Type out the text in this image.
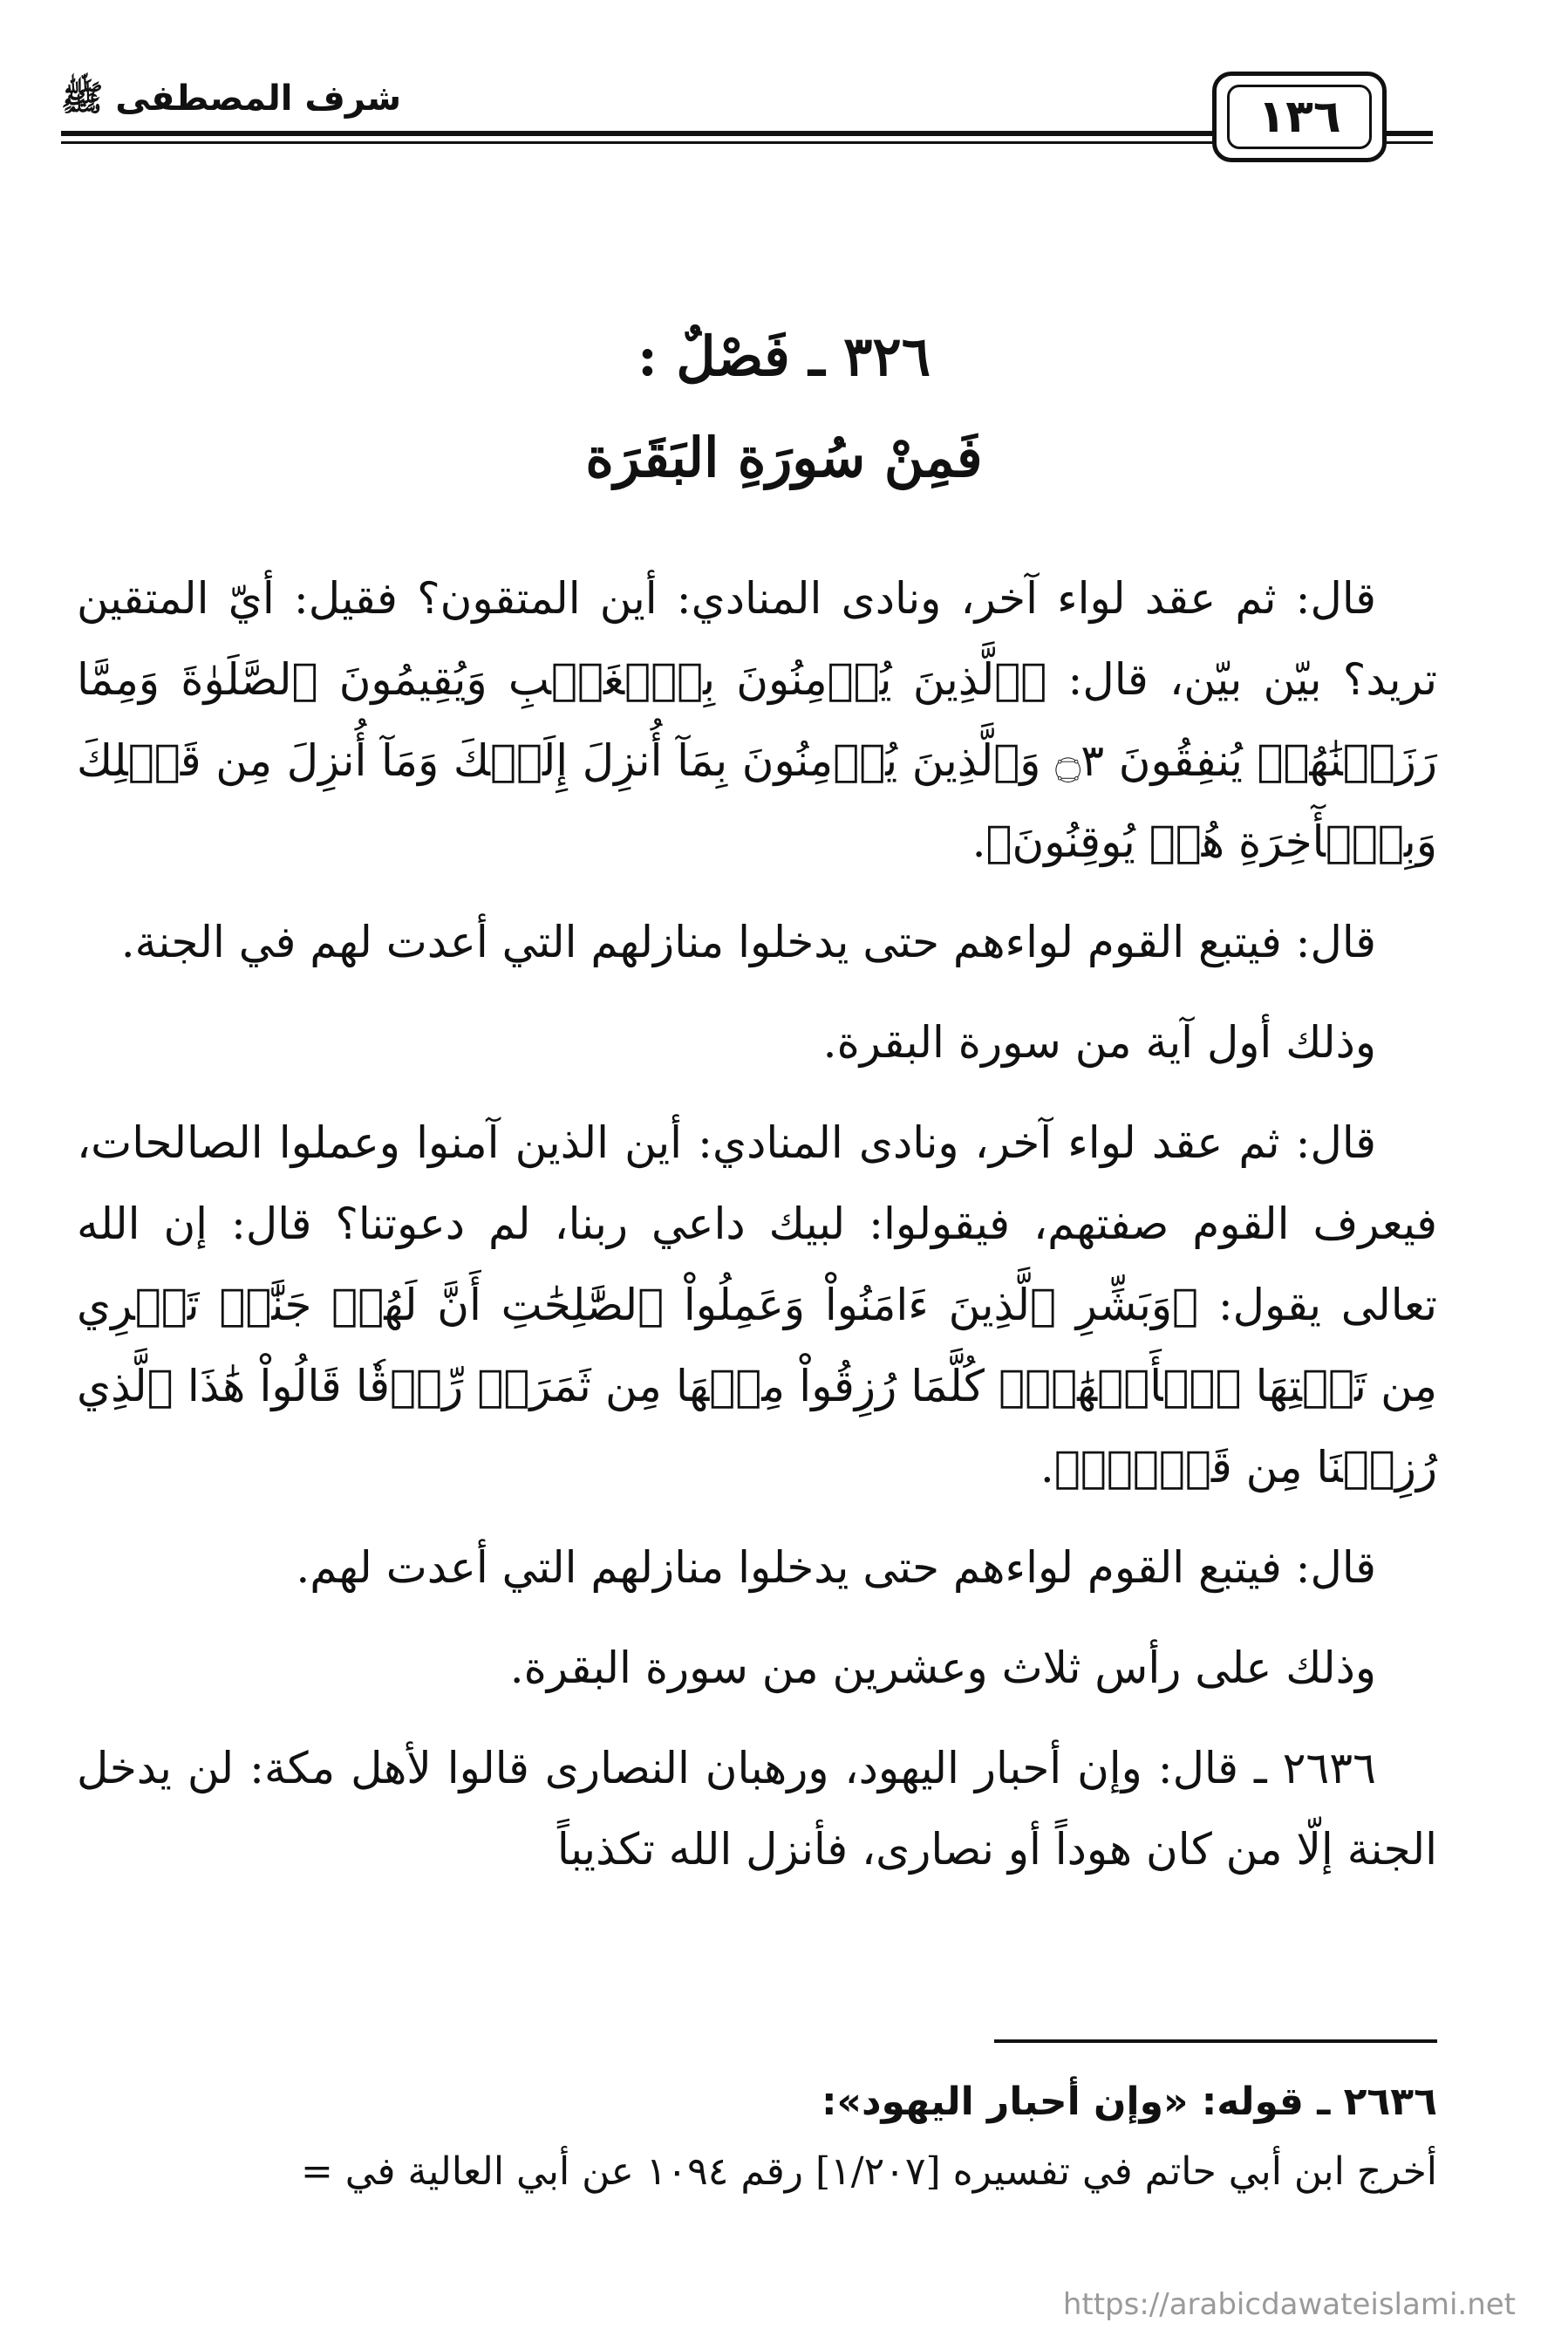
شرف المصطفى ﷺ	١٣٦
٣٢٦ ـ فَصْلٌ :
فَمِنْ سُورَةِ البَقَرَة

قال: ثم عقد لواء آخر، ونادى المنادي: أين المتقون؟ فقيل: أيّ المتقين تريد؟ بيّن بيّن، قال: ﴿ٱلَّذِينَ يُؤۡمِنُونَ بِٱلۡغَيۡبِ وَيُقِيمُونَ ٱلصَّلَوٰةَ وَمِمَّا رَزَقۡنَٰهُمۡ يُنفِقُونَ ۝٣ وَٱلَّذِينَ يُؤۡمِنُونَ بِمَآ أُنزِلَ إِلَيۡكَ وَمَآ أُنزِلَ مِن قَبۡلِكَ وَبِٱلۡأٓخِرَةِ هُمۡ يُوقِنُونَ﴾.

قال: فيتبع القوم لواءهم حتى يدخلوا منازلهم التي أعدت لهم في الجنة.

وذلك أول آية من سورة البقرة.

قال: ثم عقد لواء آخر، ونادى المنادي: أين الذين آمنوا وعملوا الصالحات، فيعرف القوم صفتهم، فيقولوا: لبيك داعي ربنا، لم دعوتنا؟ قال: إن الله تعالى يقول: ﴿وَبَشِّرِ ٱلَّذِينَ ءَامَنُواْ وَعَمِلُواْ ٱلصَّٰلِحَٰتِ أَنَّ لَهُمۡ جَنَّٰتٖ تَجۡرِي مِن تَحۡتِهَا ٱلۡأَنۡهَٰرُۖ كُلَّمَا رُزِقُواْ مِنۡهَا مِن ثَمَرَةٖ رِّزۡقٗا قَالُواْ هَٰذَا ٱلَّذِي رُزِقۡنَا مِن قَبۡلُۖ﴾.

قال: فيتبع القوم لواءهم حتى يدخلوا منازلهم التي أعدت لهم.

وذلك على رأس ثلاث وعشرين من سورة البقرة.

٢٦٣٦ ـ قال: وإن أحبار اليهود، ورهبان النصارى قالوا لأهل مكة: لن يدخل الجنة إلّا من كان هوداً أو نصارى، فأنزل الله تكذيباً

٢٦٣٦ ـ قوله: «وإن أحبار اليهود»:
أخرج ابن أبي حاتم في تفسيره [١/٢٠٧] رقم ١٠٩٤ عن أبي العالية في =
https://arabicdawateislami.net
